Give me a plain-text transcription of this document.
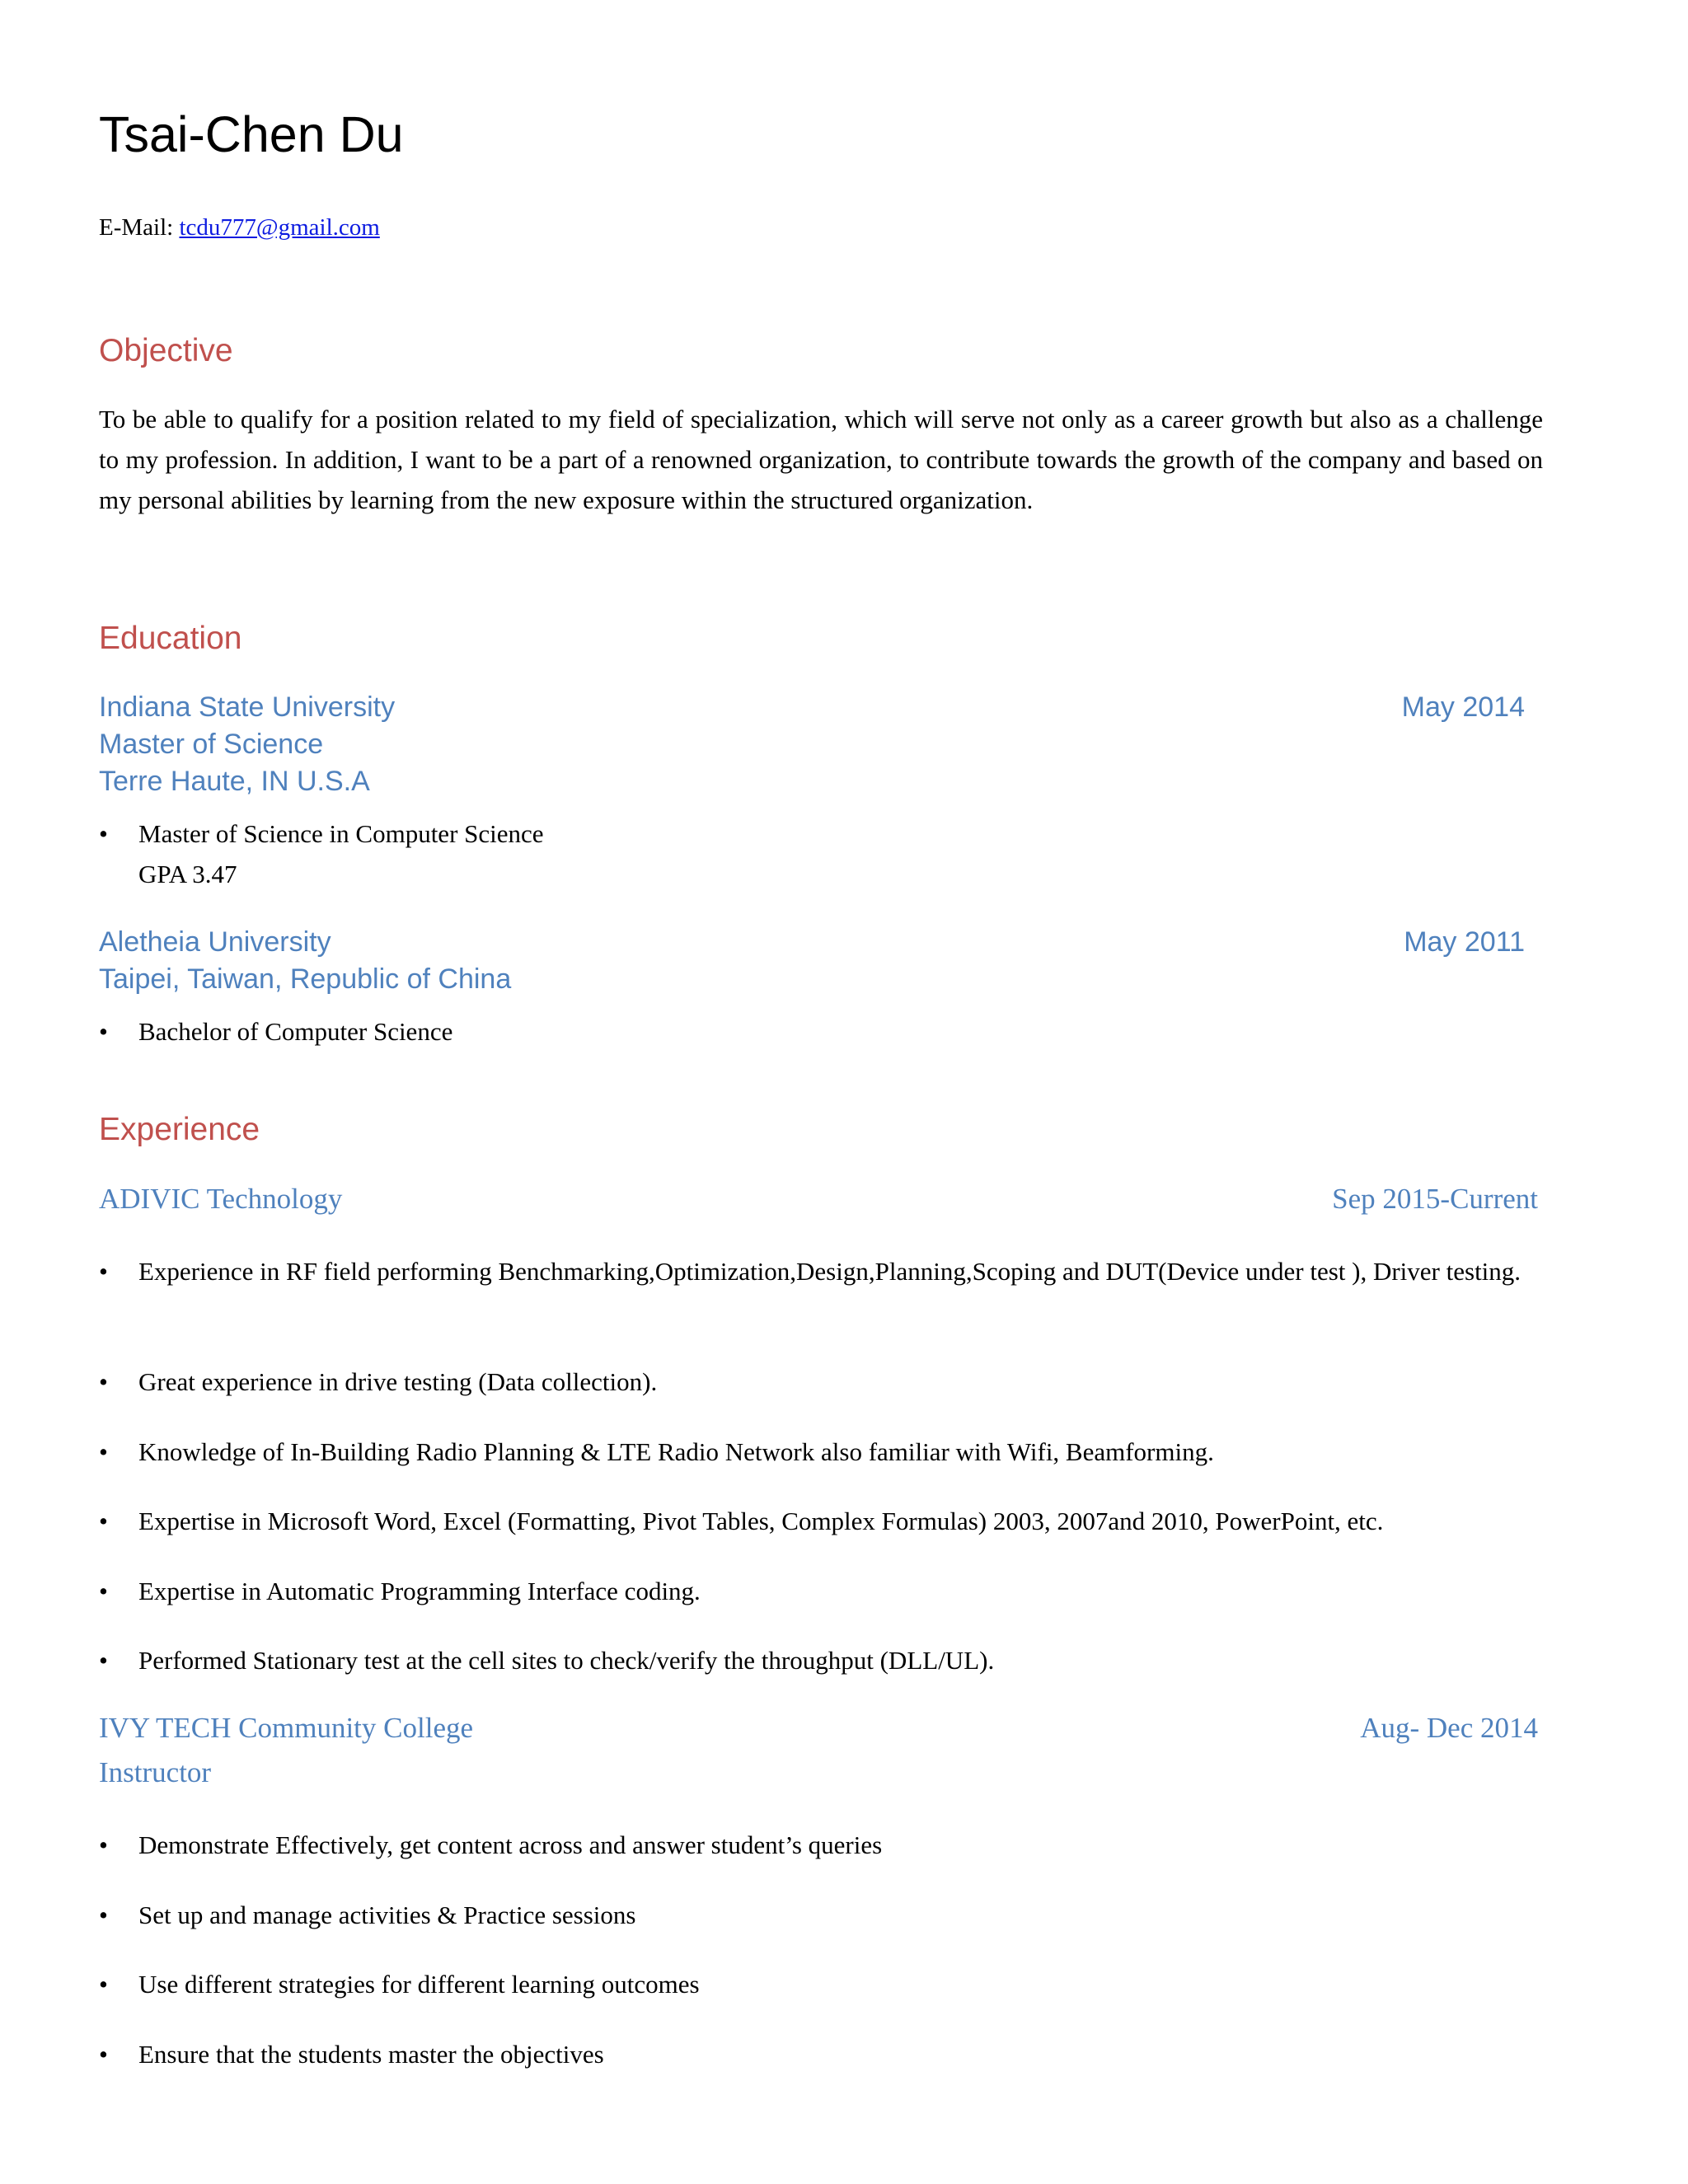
Tsai-Chen Du
E-Mail: tcdu777@gmail.com
Objective

To be able to qualify for a position related to my field of specialization, which will serve not only as a career growth but also as a challenge to my profession. In addition, I want to be a part of a renowned organization, to contribute towards the growth of the company and based on my personal abilities by learning from the new exposure within the structured organization.

Education
Indiana State University	May 2014
Master of Science
Terre Haute, IN U.S.A
• Master of Science in Computer Science
GPA 3.47
Aletheia University	May 2011
Taipei, Taiwan, Republic of China
• Bachelor of Computer Science
Experience
ADIVIC Technology	Sep 2015-Current
• Experience in RF field performing Benchmarking,Optimization,Design,Planning,Scoping and DUT(Device under test ), Driver testing.
• Great experience in drive testing (Data collection).
• Knowledge of In-Building Radio Planning & LTE Radio Network also familiar with Wifi, Beamforming.
• Expertise in Microsoft Word, Excel (Formatting, Pivot Tables, Complex Formulas) 2003, 2007and 2010, PowerPoint, etc.
• Expertise in Automatic Programming Interface coding.
• Performed Stationary test at the cell sites to check/verify the throughput (DLL/UL).
IVY TECH Community College	Aug- Dec 2014
Instructor
• Demonstrate Effectively, get content across and answer student’s queries
• Set up and manage activities & Practice sessions
• Use different strategies for different learning outcomes
• Ensure that the students master the objectives
